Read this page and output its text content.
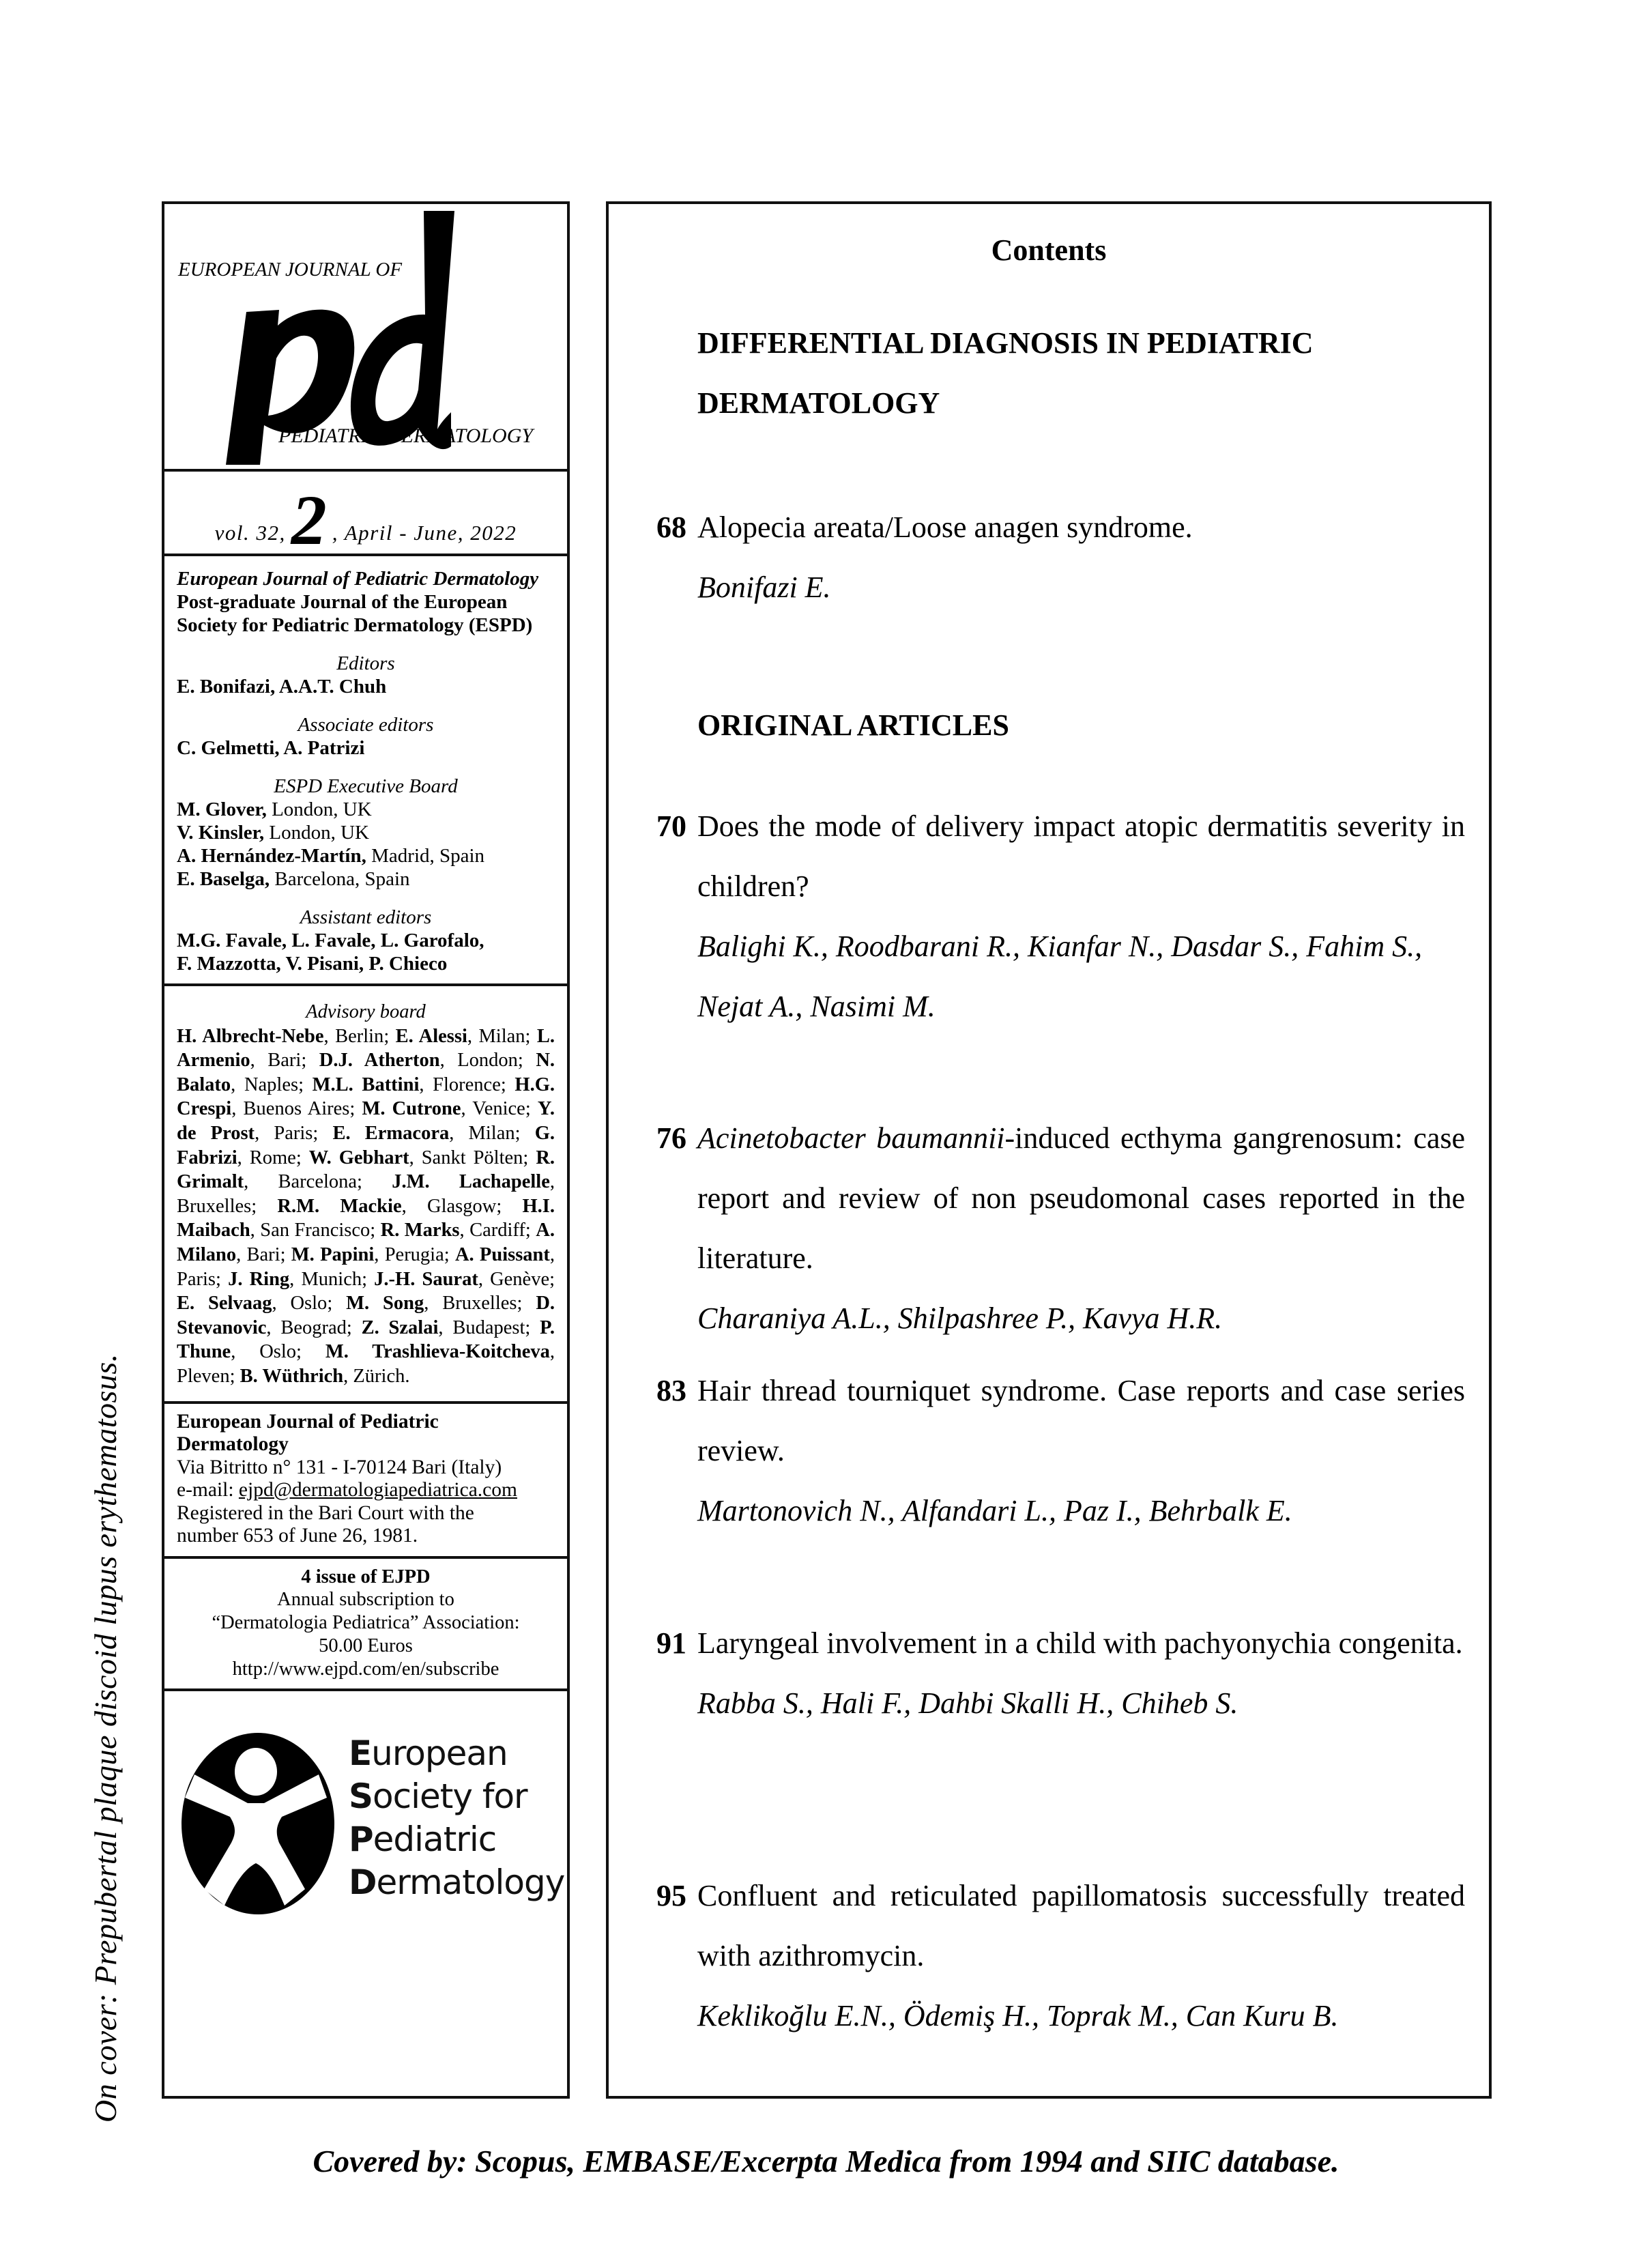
On cover: Prepubertal plaque discoid lupus erythematosus.
EUROPEAN JOURNAL OF
PEDIATRIC DERMATOLOGY
vol. 32, 2 , April - June, 2022
European Journal of Pediatric Dermatology Post-graduate Journal of the European Society for Pediatric Dermatology (ESPD)
Editors
E. Bonifazi, A.A.T. Chuh
Associate editors
C. Gelmetti, A. Patrizi
ESPD Executive Board
M. Glover, London, UK
V. Kinsler, London, UK
A. Hernández-Martín, Madrid, Spain
E. Baselga, Barcelona, Spain
Assistant editors
M.G. Favale, L. Favale, L. Garofalo,
F. Mazzotta, V. Pisani, P. Chieco
Advisory board
H. Albrecht-Nebe, Berlin; E. Alessi, Milan; L. Armenio, Bari; D.J. Atherton, London; N. Balato, Naples; M.L. Battini, Florence; H.G. Crespi, Buenos Aires; M. Cutrone, Venice; Y. de Prost, Paris; E. Ermacora, Milan; G. Fabrizi, Rome; W. Gebhart, Sankt Pölten; R. Grimalt, Barcelona; J.M. Lachapelle, Bruxelles; R.M. Mackie, Glasgow; H.I. Maibach, San Francisco; R. Marks, Cardiff; A. Milano, Bari; M. Papini, Perugia; A. Puissant, Paris; J. Ring, Munich; J.-H. Saurat, Genève; E. Selvaag, Oslo; M. Song, Bruxelles; D. Stevanovic, Beograd; Z. Szalai, Budapest; P. Thune, Oslo; M. Trashlieva-Koitcheva, Pleven; B. Wüthrich, Zürich.
European Journal of Pediatric
Dermatology
Via Bitritto n° 131 - I-70124 Bari (Italy)
e-mail: ejpd@dermatologiapediatrica.com
Registered in the Bari Court with the
number 653 of June 26, 1981.
4 issue of EJPD
Annual subscription to
“Dermatologia Pediatrica” Association:
50.00 Euros
http://www.ejpd.com/en/subscribe
European
Society for
Pediatric
Dermatology
Contents
DIFFERENTIAL DIAGNOSIS IN PEDIATRIC
DERMATOLOGY
68 Alopecia areata/Loose anagen syndrome.
Bonifazi E.
ORIGINAL ARTICLES
70 Does the mode of delivery impact atopic dermatitis severity in children?
Balighi K., Roodbarani R., Kianfar N., Dasdar S., Fahim S., Nejat A., Nasimi M.
76 Acinetobacter baumannii-induced ecthyma gangrenosum: case report and review of non pseudomonal cases reported in the literature.
Charaniya A.L., Shilpashree P., Kavya H.R.
83 Hair thread tourniquet syndrome. Case reports and case series review.
Martonovich N., Alfandari L., Paz I., Behrbalk E.
91 Laryngeal involvement in a child with pachyonychia congenita.
Rabba S., Hali F., Dahbi Skalli H., Chiheb S.
95 Confluent and reticulated papillomatosis successfully treated with azithromycin.
Keklikoğlu E.N., Ödemiş H., Toprak M., Can Kuru B.
Covered by: Scopus, EMBASE/Excerpta Medica from 1994 and SIIC database.
